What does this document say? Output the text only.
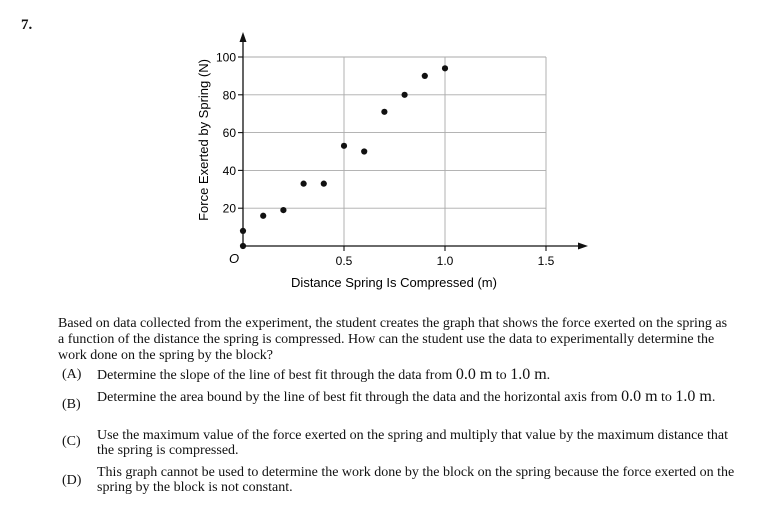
7.
20
40
60
80
100
0.5	1.0	1.5
O
Distance Spring Is Compressed (m)
Force Exerted by Spring (N)
Based on data collected from the experiment, the student creates the graph that shows the force exerted on the spring as a function of the distance the spring is compressed. How can the student use the data to experimentally determine the work done on the spring by the block?
(A) Determine the slope of the line of best fit through the data from 0.0 m to 1.0 m.
(B) Determine the area bound by the line of best fit through the data and the horizontal axis from 0.0 m to 1.0 m.
(C) Use the maximum value of the force exerted on the spring and multiply that value by the maximum distance that the spring is compressed.
(D)
This graph cannot be used to determine the work done by the block on the spring because the force exerted on the spring by the block is not constant.
